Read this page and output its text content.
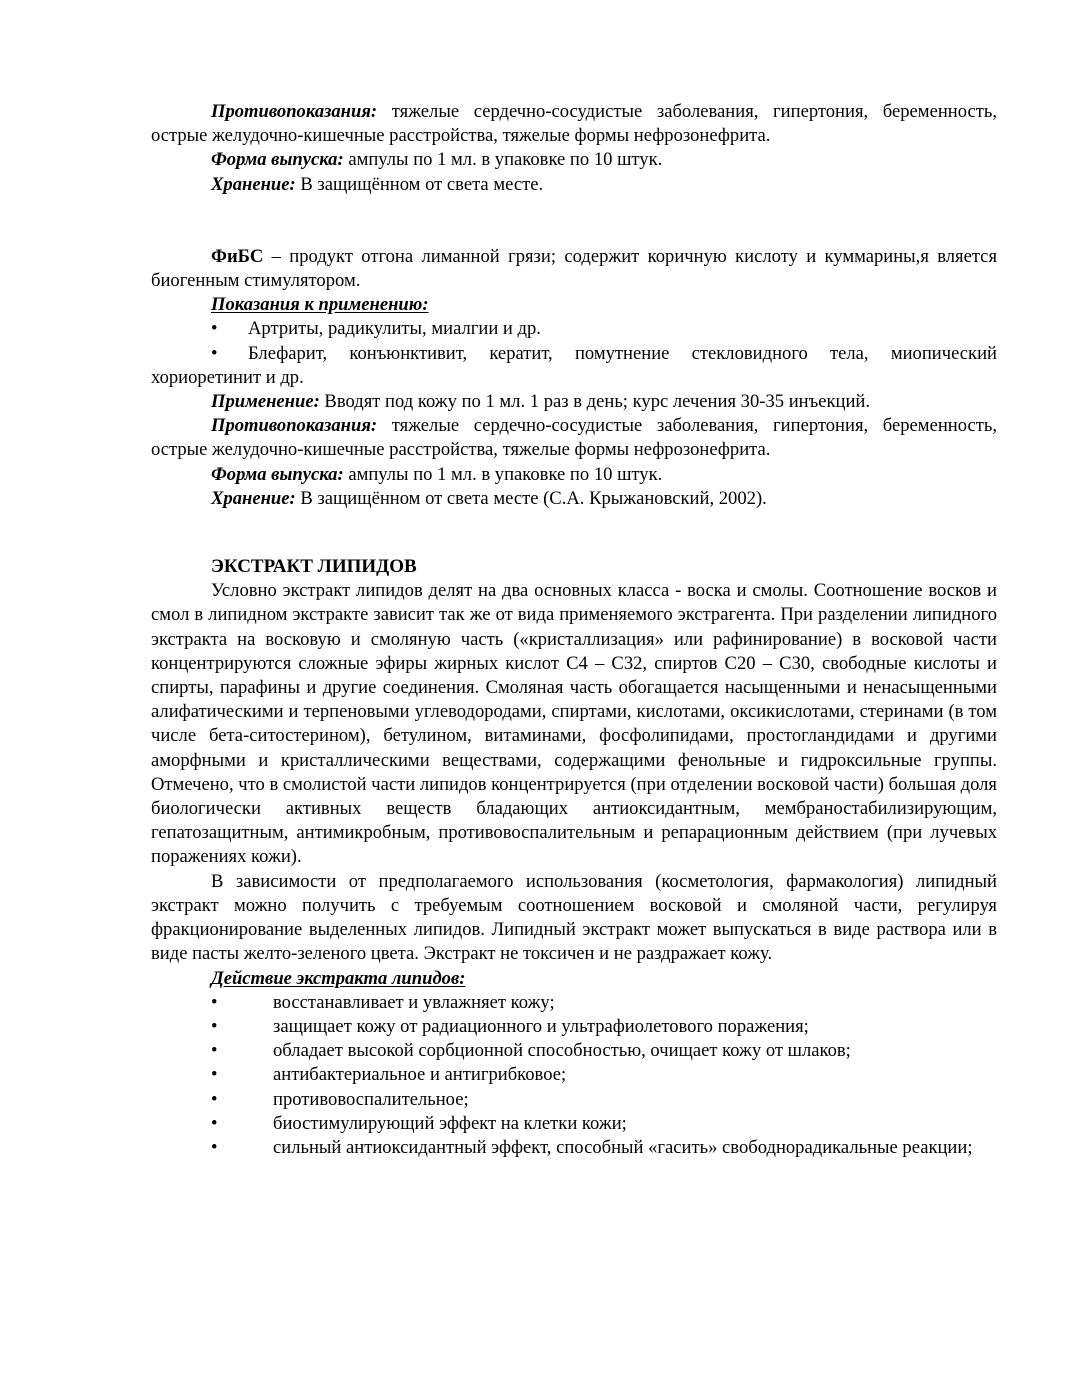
Противопоказания: тяжелые сердечно-сосудистые заболевания, гипертония, беременность, острые желудочно-кишечные расстройства, тяжелые формы нефрозонефрита.

Форма выпуска: ампулы по 1 мл. в упаковке по 10 штук.

Хранение: В защищённом от света месте.

ФиБС – продукт отгона лиманной грязи; содержит коричную кислоту и куммарины,я вляется биогенным стимулятором.

Показания к применению:

• Артриты, радикулиты, миалгии и др.

• Блефарит, конъюнктивит, кератит, помутнение стекловидного тела, миопический хориоретинит и др.

Применение: Вводят под кожу по 1 мл. 1 раз в день; курс лечения 30-35 инъекций.

Противопоказания: тяжелые сердечно-сосудистые заболевания, гипертония, беременность, острые желудочно-кишечные расстройства, тяжелые формы нефрозонефрита.

Форма выпуска: ампулы по 1 мл. в упаковке по 10 штук.

Хранение: В защищённом от света месте (С.А. Крыжановский, 2002).

ЭКСТРАКТ ЛИПИДОВ

Условно экстракт липидов делят на два основных класса - воска и смолы. Соотношение восков и смол в липидном экстракте зависит так же от вида применяемого экстрагента. При разделении липидного экстракта на восковую и смоляную часть («кристаллизация» или рафинирование) в восковой части концентрируются сложные эфиры жирных кислот С4 – С32, спиртов С20 – С30, свободные кислоты и спирты, парафины и другие соединения. Смоляная часть обогащается насыщенными и ненасыщенными алифатическими и терпеновыми углеводородами, спиртами, кислотами, оксикислотами, стеринами (в том числе бета-ситостерином), бетулином, витаминами, фосфолипидами, простогландидами и другими аморфными и кристаллическими веществами, содержащими фенольные и гидроксильные группы. Отмечено, что в смолистой части липидов концентрируется (при отделении восковой части) большая доля биологически активных веществ бладающих антиоксидантным, мембраностабилизирующим, гепатозащитным, антимикробным, противовоспалительным и репарационным действием (при лучевых поражениях кожи).

В зависимости от предполагаемого использования (косметология, фармакология) липидный экстракт можно получить с требуемым соотношением восковой и смоляной части, регулируя фракционирование выделенных липидов. Липидный экстракт может выпускаться в виде раствора или в виде пасты желто-зеленого цвета. Экстракт не токсичен и не раздражает кожу.

Действие экстракта липидов:

•	восстанавливает и увлажняет кожу;

•	защищает кожу от радиационного и ультрафиолетового поражения;

•	обладает высокой сорбционной способностью, очищает кожу от шлаков;

•	антибактериальное и антигрибковое;

•	противовоспалительное;

•	биостимулирующий эффект на клетки кожи;

•	сильный антиоксидантный эффект, способный «гасить» свободнорадикальные реакции;
